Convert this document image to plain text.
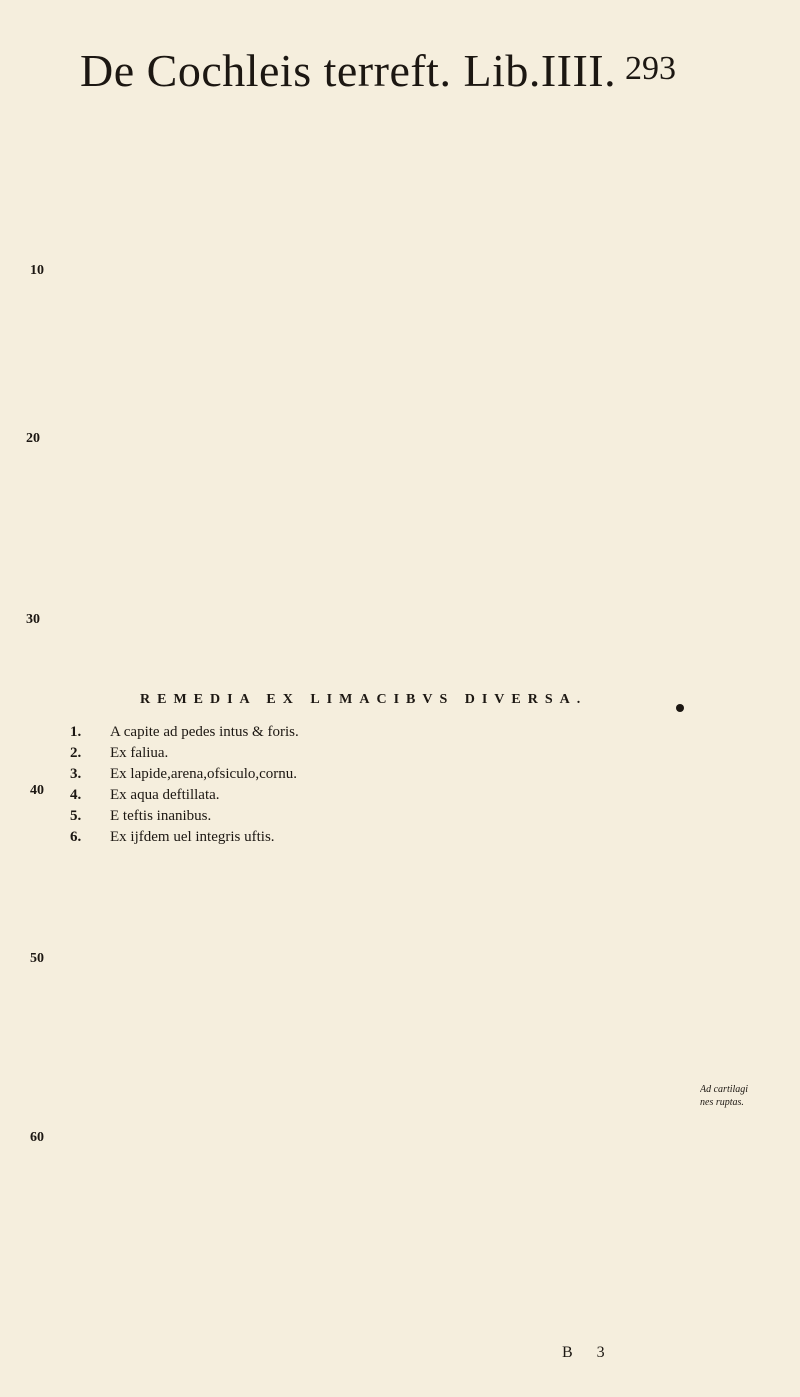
De Cochleis terreft. Lib.IIII. 293
10
20
30
40
50
60
REMEDIA EX LIMACIBVS DIVERSA.
1. A capite ad pedes intus & foris.
2. Ex faliua.
3. Ex lapide,arena,ofsiculo,cornu.
4. Ex aqua deftillata.
5. E teftis inanibus.
6. Ex ijfdem uel integris uftis.
Ad cartilagi
nes ruptas.
B 3
